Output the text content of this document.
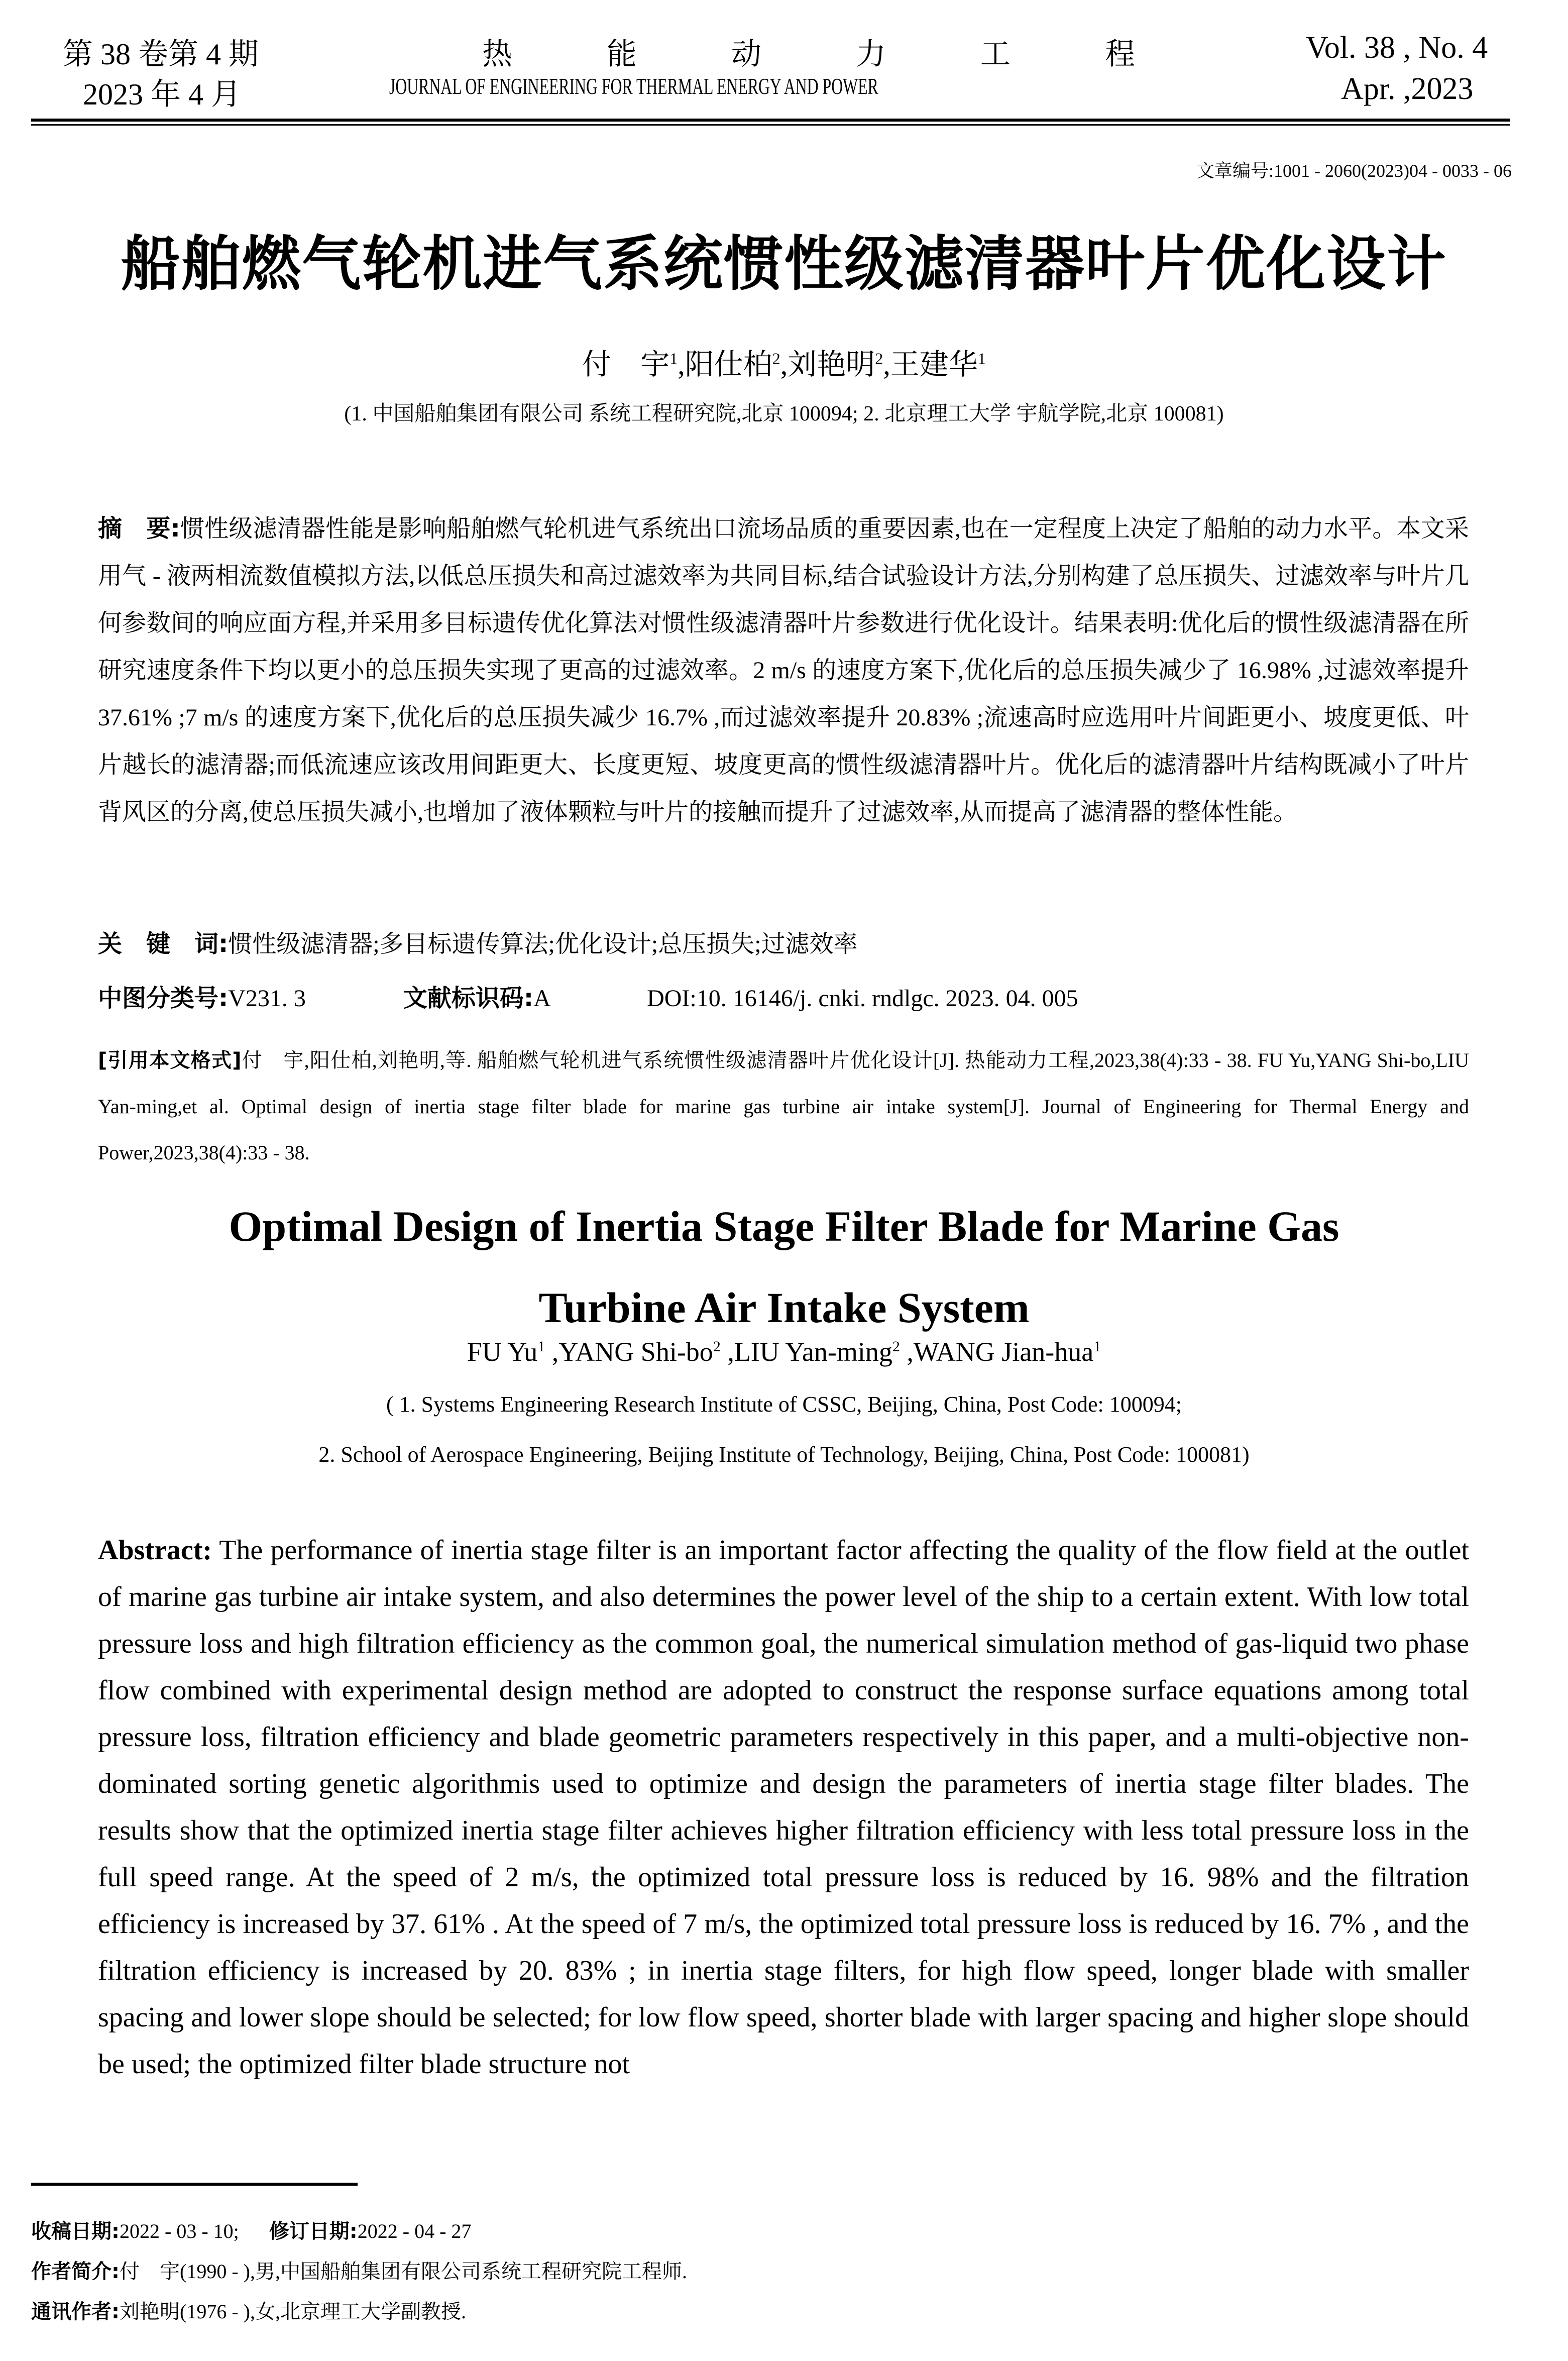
第 38 卷第 4 期
2023 年 4 月
热	能	动	力	工	程
JOURNAL OF ENGINEERING FOR THERMAL ENERGY AND POWER
Vol. 38 , No. 4
Apr. ,2023
文章编号:1001 - 2060(2023)04 - 0033 - 06
船舶燃气轮机进气系统惯性级滤清器叶片优化设计
付　宇$^1$,阳仕柏$^2$,刘艳明$^2$,王建华$^1$
(1. 中国船舶集团有限公司 系统工程研究院,北京 100094; 2. 北京理工大学 宇航学院,北京 100081)
摘　要:惯性级滤清器性能是影响船舶燃气轮机进气系统出口流场品质的重要因素,也在一定程度上决定了船舶的动力水平。本文采用气 - 液两相流数值模拟方法,以低总压损失和高过滤效率为共同目标,结合试验设计方法,分别构建了总压损失、过滤效率与叶片几何参数间的响应面方程,并采用多目标遗传优化算法对惯性级滤清器叶片参数进行优化设计。结果表明:优化后的惯性级滤清器在所研究速度条件下均以更小的总压损失实现了更高的过滤效率。2 m/s 的速度方案下,优化后的总压损失减少了 16.98% ,过滤效率提升 37.61% ;7 m/s 的速度方案下,优化后的总压损失减少 16.7% ,而过滤效率提升 20.83% ;流速高时应选用叶片间距更小、坡度更低、叶片越长的滤清器;而低流速应该改用间距更大、长度更短、坡度更高的惯性级滤清器叶片。优化后的滤清器叶片结构既减小了叶片背风区的分离,使总压损失减小,也增加了液体颗粒与叶片的接触而提升了过滤效率,从而提高了滤清器的整体性能。
关　键　词:惯性级滤清器;多目标遗传算法;优化设计;总压损失;过滤效率
中图分类号:V231. 3	文献标识码:A	DOI:10. 16146/j. cnki. rndlgc. 2023. 04. 005
[引用本文格式]付　宇,阳仕柏,刘艳明,等. 船舶燃气轮机进气系统惯性级滤清器叶片优化设计[J]. 热能动力工程,2023,38(4):33 - 38. FU Yu,YANG Shi-bo,LIU Yan-ming,et al. Optimal design of inertia stage filter blade for marine gas turbine air intake system[J]. Journal of Engineering for Thermal Energy and Power,2023,38(4):33 - 38.
Optimal Design of Inertia Stage Filter Blade for Marine Gas
Turbine Air Intake System
FU Yu$^1$ ,YANG Shi-$bo^2$ ,LIU Yan-ming$^2$ ,WANG Jian-hua$^1$
( 1. Systems Engineering Research Institute of CSSC, Beijing, China, Post Code: 100094;
2. School of Aerospace Engineering, Beijing Institute of Technology, Beijing, China, Post Code: 100081)
Abstract: The performance of inertia stage filter is an important factor affecting the quality of the flow field at the outlet of marine gas turbine air intake system, and also determines the power level of the ship to a certain extent. With low total pressure loss and high filtration efficiency as the common goal, the numerical simulation method of gas-liquid two phase flow combined with experimental design method are adopted to construct the response surface equations among total pressure loss, filtration efficiency and blade geometric parameters respectively in this paper, and a multi-objective non-dominated sorting genetic algorithmis used to optimize and design the parameters of inertia stage filter blades. The results show that the optimized inertia stage filter achieves higher filtration efficiency with less total pressure loss in the full speed range. At the speed of 2 m/s, the optimized total pressure loss is reduced by 16. 98% and the filtration efficiency is increased by 37. 61% . At the speed of 7 m/s, the optimized total pressure loss is reduced by 16. 7% , and the filtration efficiency is increased by 20. 83% ; in inertia stage filters, for high flow speed, longer blade with smaller spacing and lower slope should be selected; for low flow speed, shorter blade with larger spacing and higher slope should be used; the optimized filter blade structure not
收稿日期:2022 - 03 - 10; 修订日期:2022 - 04 - 27
作者简介:付　宇(1990 - ),男,中国船舶集团有限公司系统工程研究院工程师.
通讯作者:刘艳明(1976 - ),女,北京理工大学副教授.
